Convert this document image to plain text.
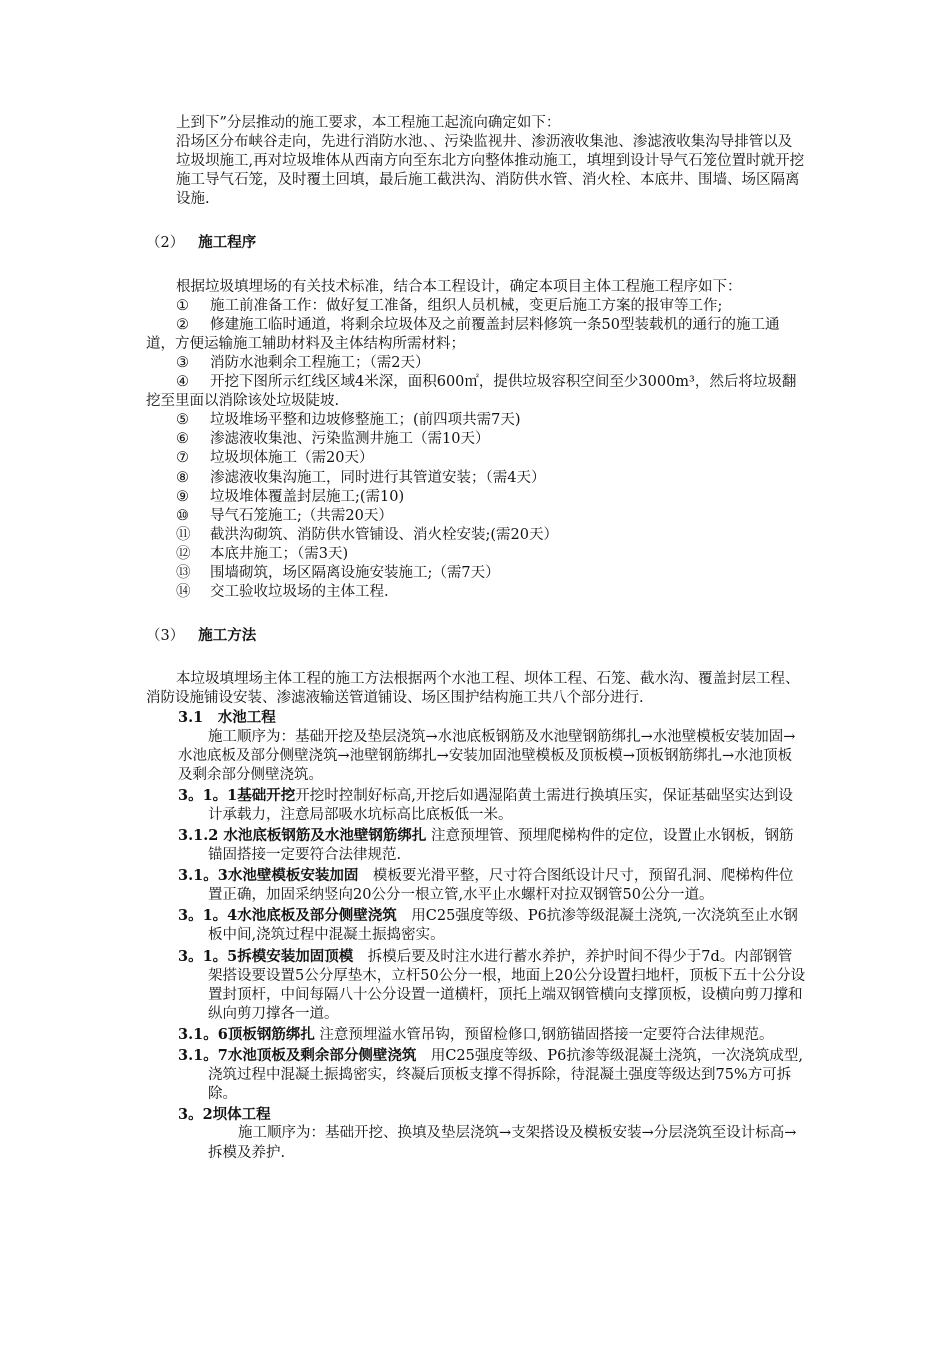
上到下”分层推动的施工要求，本工程施工起流向确定如下：

沿场区分布峡谷走向，先进行消防水池、、污染监视井、渗沥液收集池、渗滤液收集沟导排管以及垃圾坝施工,再对垃圾堆体从西南方向至东北方向整体推动施工，填埋到设计导气石笼位置时就开挖施工导气石笼，及时覆土回填，最后施工截洪沟、消防供水管、消火栓、本底井、围墙、场区隔离设施.

（2） 施工程序

根据垃圾填埋场的有关技术标准，结合本工程设计，确定本项目主体工程施工程序如下：

① 施工前准备工作：做好复工准备，组织人员机械，变更后施工方案的报审等工作;

② 修建施工临时通道，将剩余垃圾体及之前覆盖封层料修筑一条50型装载机的通行的施工通道，方便运输施工辅助材料及主体结构所需材料；

③ 消防水池剩余工程施工；（需2天）

④ 开挖下图所示红线区域4米深，面积600㎡，提供垃圾容积空间至少3000m³，然后将垃圾翻挖至里面以消除该处垃圾陡坡.

⑤ 垃圾堆场平整和边坡修整施工；(前四项共需7天)

⑥ 渗滤液收集池、污染监测井施工（需10天）

⑦ 垃圾坝体施工（需20天）

⑧ 渗滤液收集沟施工，同时进行其管道安装；（需4天）

⑨ 垃圾堆体覆盖封层施工;(需10)

⑩ 导气石笼施工;（共需20天）

⑪ 截洪沟砌筑、消防供水管铺设、消火栓安装;(需20天）

⑫ 本底井施工；（需3天)

⑬ 围墙砌筑，场区隔离设施安装施工;（需7天）

⑭ 交工验收垃圾场的主体工程.

（3） 施工方法

本垃圾填埋场主体工程的施工方法根据两个水池工程、坝体工程、石笼、截水沟、覆盖封层工程、消防设施铺设安装、渗滤液输送管道铺设、场区围护结构施工共八个部分进行.

3.1　水池工程

施工顺序为：基础开挖及垫层浇筑→水池底板钢筋及水池壁钢筋绑扎→水池壁模板安装加固→水池底板及部分侧壁浇筑→池壁钢筋绑扎→安装加固池壁模板及顶板模→顶板钢筋绑扎→水池顶板及剩余部分侧壁浇筑。

3。1。1基础开挖开挖时控制好标高,开挖后如遇湿陷黄土需进行换填压实，保证基础坚实达到设计承载力，注意局部吸水坑标高比底板低一米。

3.1.2 水池底板钢筋及水池壁钢筋绑扎 注意预埋管、预埋爬梯构件的定位，设置止水钢板，钢筋锚固搭接一定要符合法律规范.

3.1。3水池壁模板安装加固　模板要光滑平整，尺寸符合图纸设计尺寸，预留孔洞、爬梯构件位置正确，加固采纳竖向20公分一根立管,水平止水螺杆对拉双钢管50公分一道。

3。1。4水池底板及部分侧壁浇筑　用C25强度等级、P6抗渗等级混凝土浇筑,一次浇筑至止水钢板中间,浇筑过程中混凝土振捣密实。

3。1。5拆模安装加固顶模　拆模后要及时注水进行蓄水养护，养护时间不得少于7d。内部钢管架搭设要设置5公分厚垫木，立杆50公分一根，地面上20公分设置扫地杆，顶板下五十公分设置封顶杆，中间每隔八十公分设置一道横杆，顶托上端双钢管横向支撑顶板，设横向剪刀撑和纵向剪刀撑各一道。

3.1。6顶板钢筋绑扎 注意预埋溢水管吊钩，预留检修口,钢筋锚固搭接一定要符合法律规范。

3.1。7水池顶板及剩余部分侧壁浇筑　用C25强度等级、P6抗渗等级混凝土浇筑，一次浇筑成型,浇筑过程中混凝土振捣密实，终凝后顶板支撑不得拆除，待混凝土强度等级达到75%方可拆除。

3。2坝体工程

施工顺序为：基础开挖、换填及垫层浇筑→支架搭设及模板安装→分层浇筑至设计标高→拆模及养护.
